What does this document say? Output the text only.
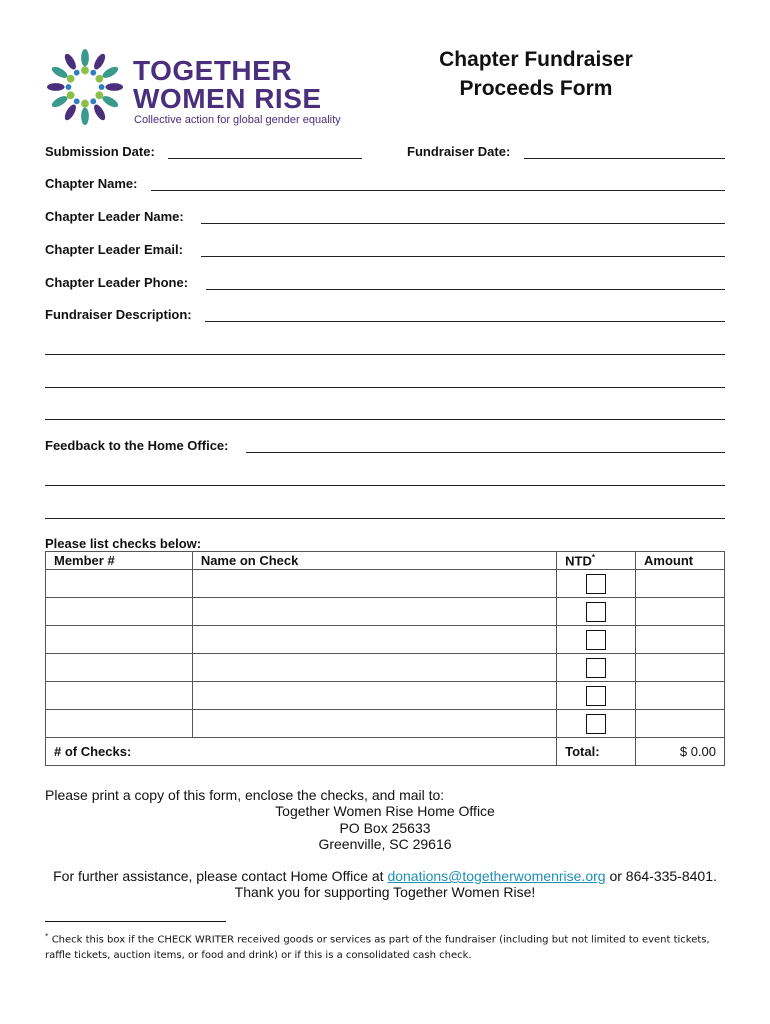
TOGETHER
WOMEN RISE
Collective action for global gender equality
Chapter Fundraiser
Proceeds Form
Submission Date:	Fundraiser Date:
Chapter Name:
Chapter Leader Name:
Chapter Leader Email:
Chapter Leader Phone:
Fundraiser Description:
Feedback to the Home Office:
Please list checks below:
Member #	Name on Check	NTD*	Amount

# of Checks:		Total:	$ 0.00
Please print a copy of this form, enclose the checks, and mail to:
Together Women Rise Home Office
PO Box 25633
Greenville, SC 29616
For further assistance, please contact Home Office at donations@togetherwomenrise.org or 864-335-8401.
Thank you for supporting Together Women Rise!
* Check this box if the CHECK WRITER received goods or services as part of the fundraiser (including but not limited to event tickets, raffle tickets, auction items, or food and drink) or if this is a consolidated cash check.
